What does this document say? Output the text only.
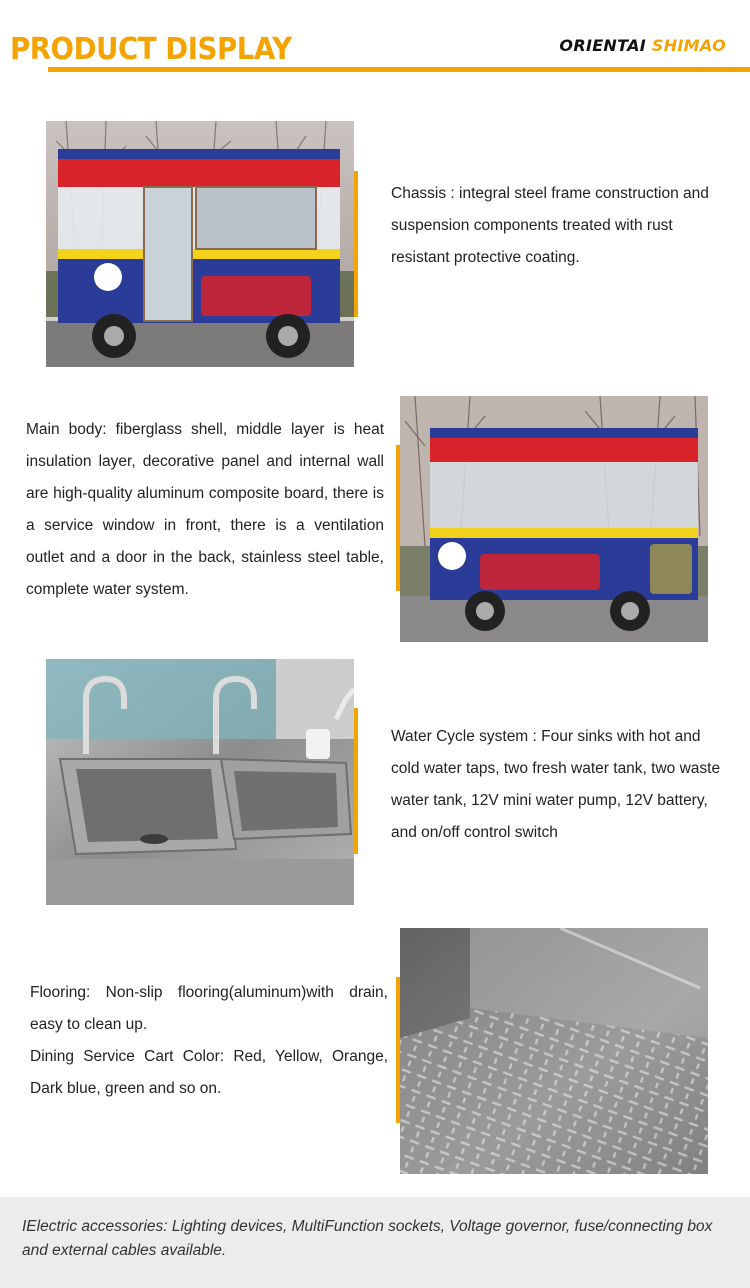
PRODUCT DISPLAY	ORIENTAI SHIMAO
Chassis : integral steel frame construction and suspension components treated with rust resistant protective coating.
Main body: fiberglass shell, middle layer is heat insulation layer, decorative panel and internal wall are high-quality aluminum composite board, there is a service window in front, there is a ventilation outlet and a door in the back, stainless steel table, complete water system.
Water Cycle system : Four sinks with hot and cold water taps, two fresh water tank, two waste water tank, 12V mini water pump, 12V battery, and on/off control switch
Flooring: Non-slip flooring(aluminum)with drain, easy to clean up.
Dining Service Cart Color: Red, Yellow, Orange, Dark blue, green and so on.
IElectric accessories: Lighting devices, MultiFunction sockets, Voltage governor, fuse/connecting box and external cables available.
